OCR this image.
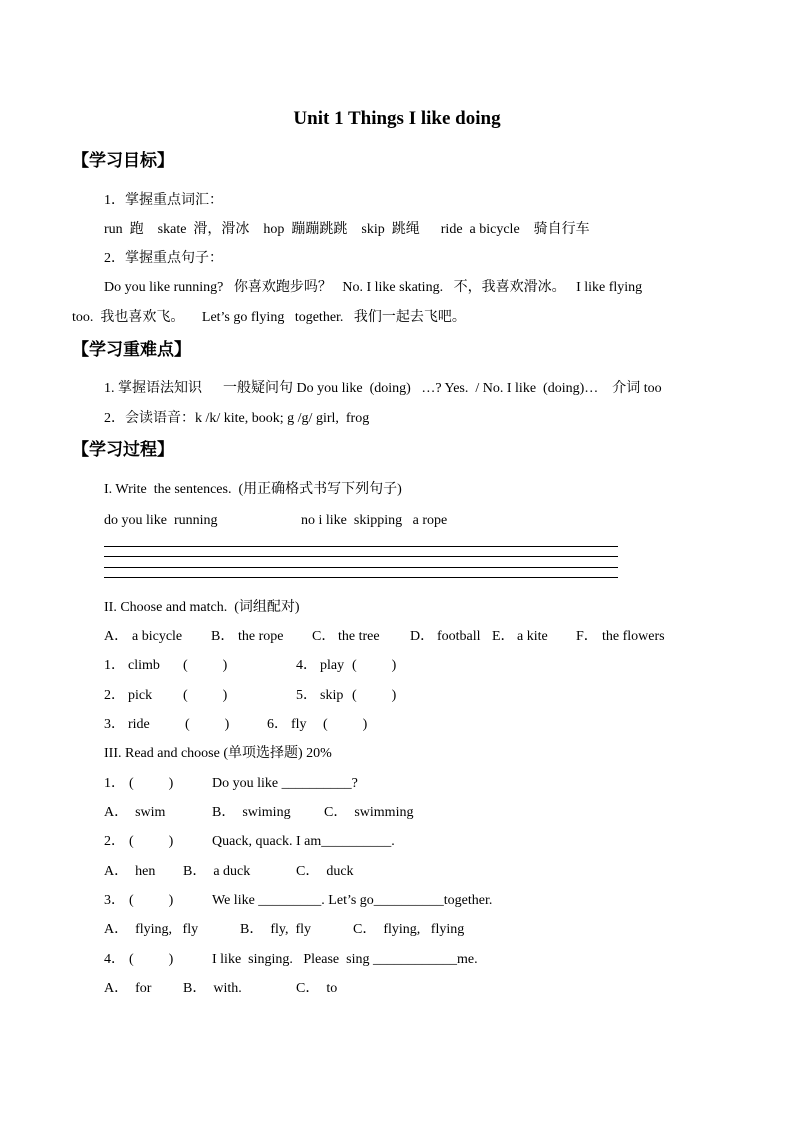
Unit 1 Things I like doing
【学习目标】
1．掌握重点词汇：
run  跑    skate  滑，滑冰    hop  蹦蹦跳跳    skip  跳绳      ride  a bicycle    骑自行车
2．掌握重点句子：
Do you like running?   你喜欢跑步吗？   No. I like skating.   不，我喜欢滑冰。   I like flying
too.  我也喜欢飞。     Let’s go flying   together.   我们一起去飞吧。
【学习重难点】
1. 掌握语法知识      一般疑问句 Do you like  (doing)   …? Yes.  / No. I like  (doing)…    介词 too
2．会读语音：k /k/ kite, book; g /g/ girl,  frog
【学习过程】
I. Write  the sentences.  (用正确格式书写下列句子)
do you like  running	no i like  skipping   a rope
II. Choose and match.  (词组配对)
A． a bicycle B． the rope C． the tree D． football E． a kite F． the flowers
1． climb (          )	4． play (          )
2． pick (          )	5． skip (          )
3． ride	(          )	6． fly (          )
III. Read and choose (单项选择题) 20%
1． (          )	Do you like __________?
A．  swim	B．  swiming C．  swimming
2． (          )	Quack, quack. I am__________.
A．  hen B．  a duck	C．  duck
3． (          )	We like _________. Let’s go__________together.
A．  flying,   fly	B．  fly,  fly	C．  flying,   flying
4． (          )	I like  singing.   Please  sing ____________me.
A．  for B．  with.	C．  to
